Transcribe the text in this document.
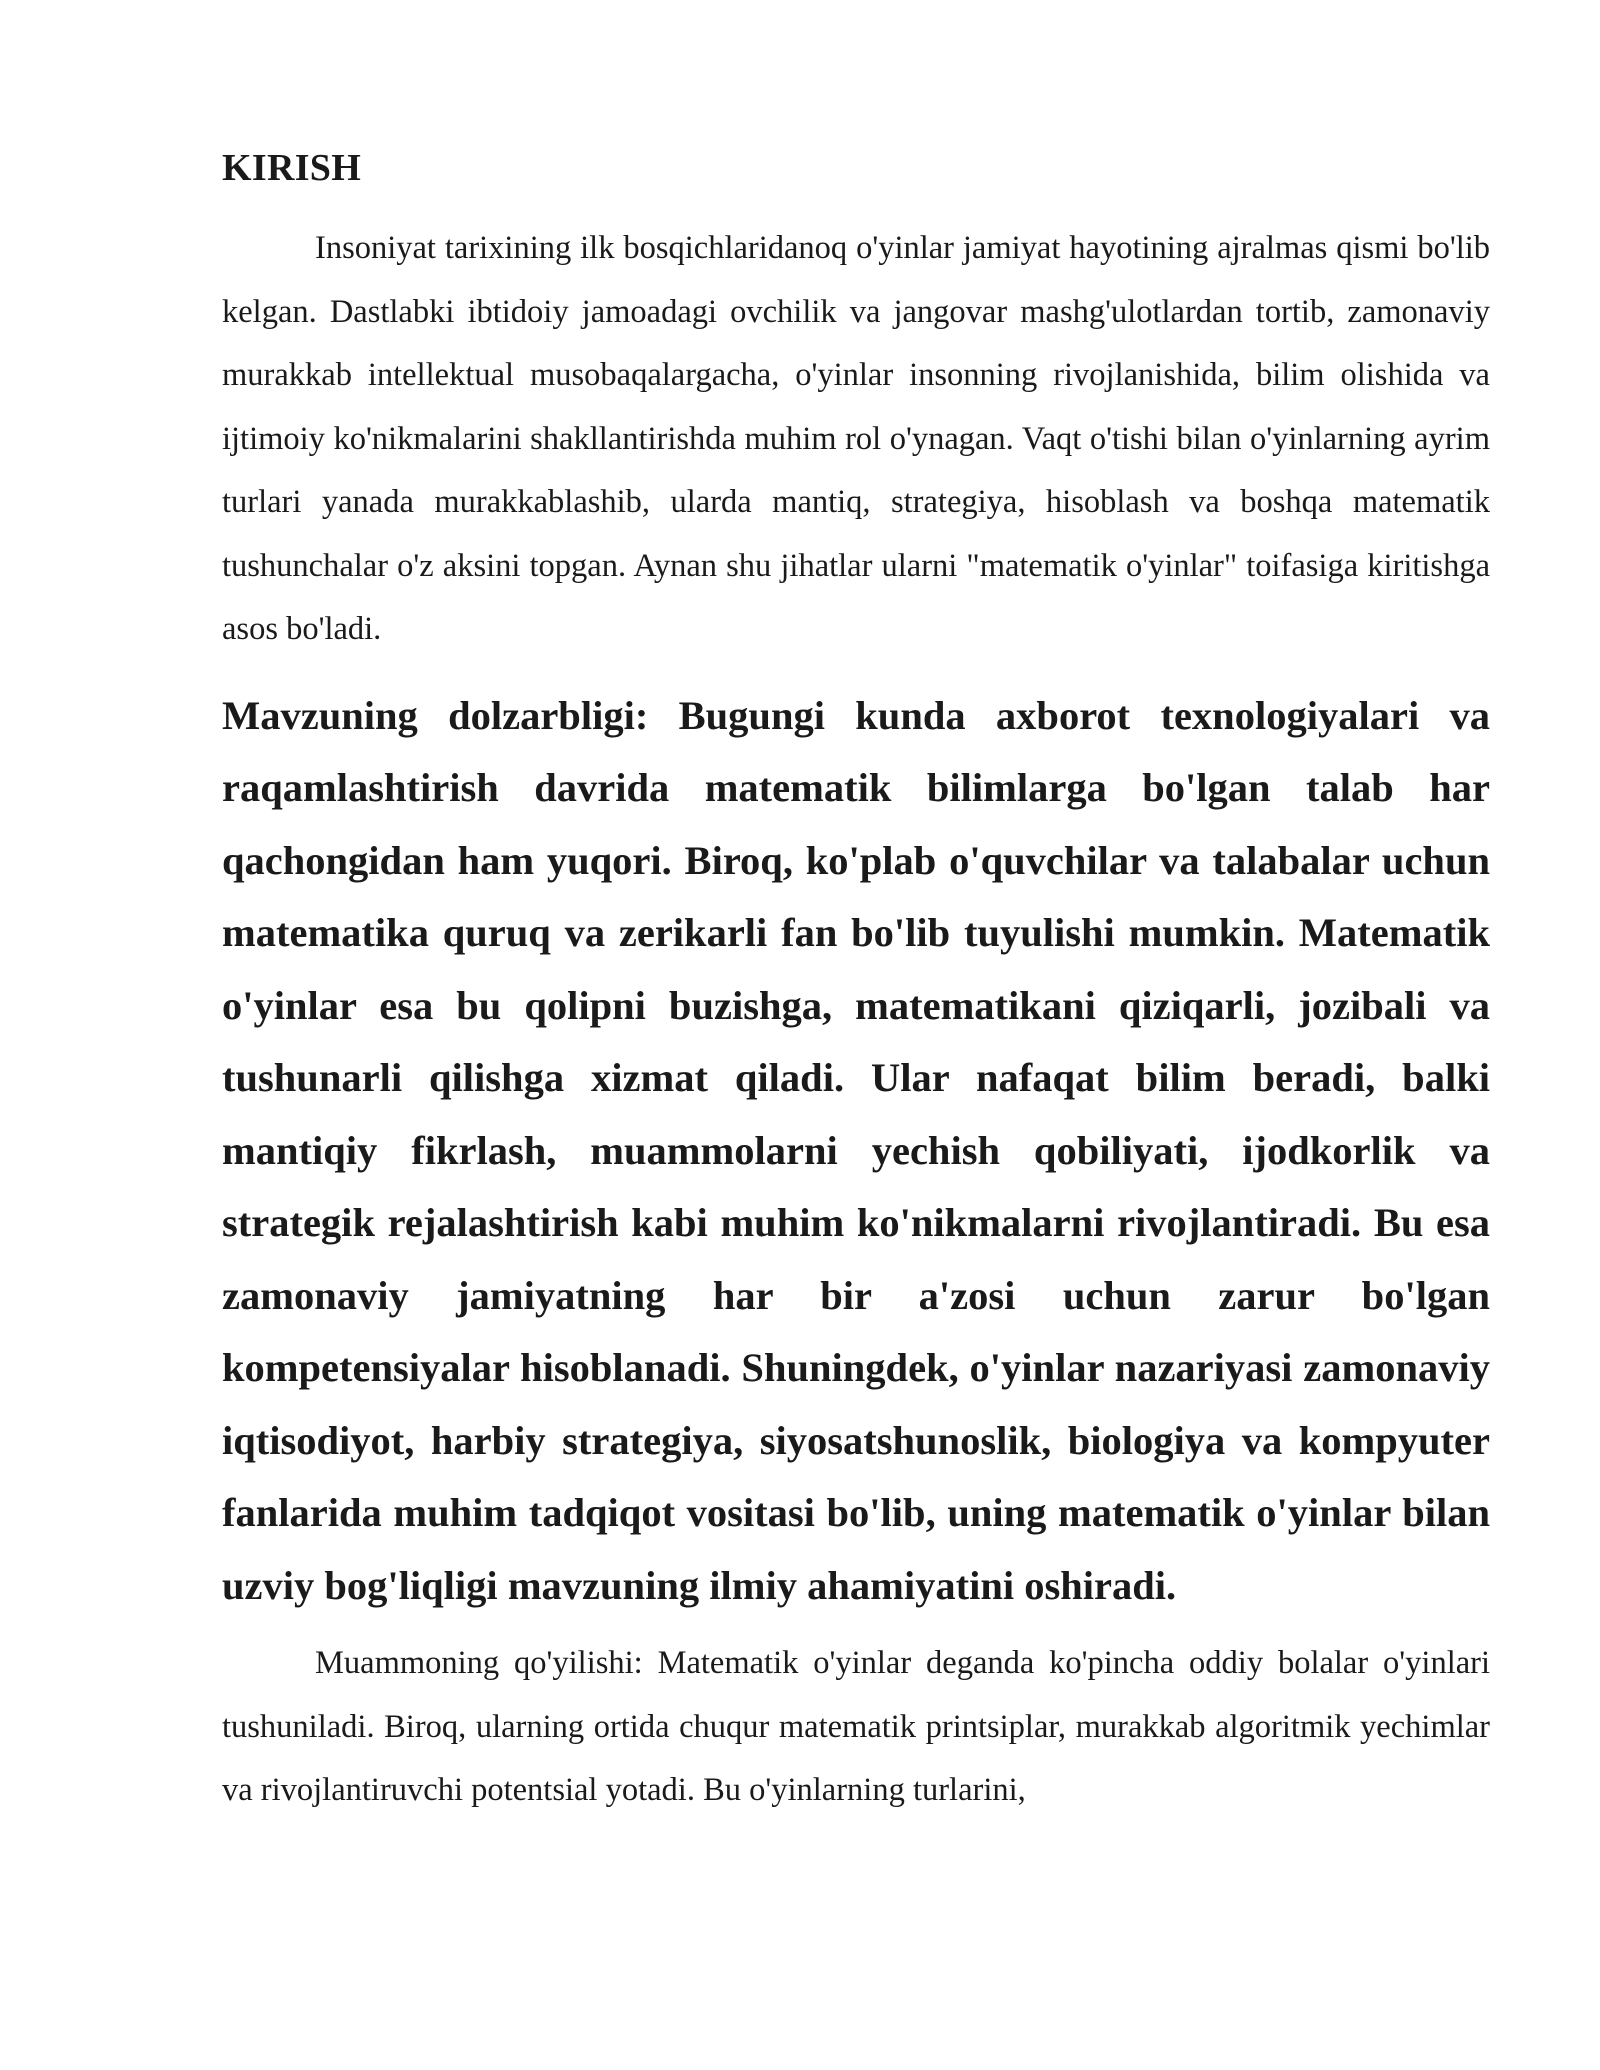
KIRISH

Insoniyat tarixining ilk bosqichlaridanoq o'yinlar jamiyat hayotining ajralmas qismi bo'lib kelgan. Dastlabki ibtidoiy jamoadagi ovchilik va jangovar mashg'ulotlardan tortib, zamonaviy murakkab intellektual musobaqalargacha, o'yinlar insonning rivojlanishida, bilim olishida va ijtimoiy ko'nikmalarini shakllantirishda muhim rol o'ynagan. Vaqt o'tishi bilan o'yinlarning ayrim turlari yanada murakkablashib, ularda mantiq, strategiya, hisoblash va boshqa matematik tushunchalar o'z aksini topgan. Aynan shu jihatlar ularni "matematik o'yinlar" toifasiga kiritishga asos bo'ladi.

Mavzuning dolzarbligi: Bugungi kunda axborot texnologiyalari va raqamlashtirish davrida matematik bilimlarga bo'lgan talab har qachongidan ham yuqori. Biroq, ko'plab o'quvchilar va talabalar uchun matematika quruq va zerikarli fan bo'lib tuyulishi mumkin. Matematik o'yinlar esa bu qolipni buzishga, matematikani qiziqarli, jozibali va tushunarli qilishga xizmat qiladi. Ular nafaqat bilim beradi, balki mantiqiy fikrlash, muammolarni yechish qobiliyati, ijodkorlik va strategik rejalashtirish kabi muhim ko'nikmalarni rivojlantiradi. Bu esa zamonaviy jamiyatning har bir a'zosi uchun zarur bo'lgan kompetensiyalar hisoblanadi. Shuningdek, o'yinlar nazariyasi zamonaviy iqtisodiyot, harbiy strategiya, siyosatshunoslik, biologiya va kompyuter fanlarida muhim tadqiqot vositasi bo'lib, uning matematik o'yinlar bilan uzviy bog'liqligi mavzuning ilmiy ahamiyatini oshiradi.

Muammoning qo'yilishi: Matematik o'yinlar deganda ko'pincha oddiy bolalar o'yinlari tushuniladi. Biroq, ularning ortida chuqur matematik printsiplar, murakkab algoritmik yechimlar va rivojlantiruvchi potentsial yotadi. Bu o'yinlarning turlarini,
